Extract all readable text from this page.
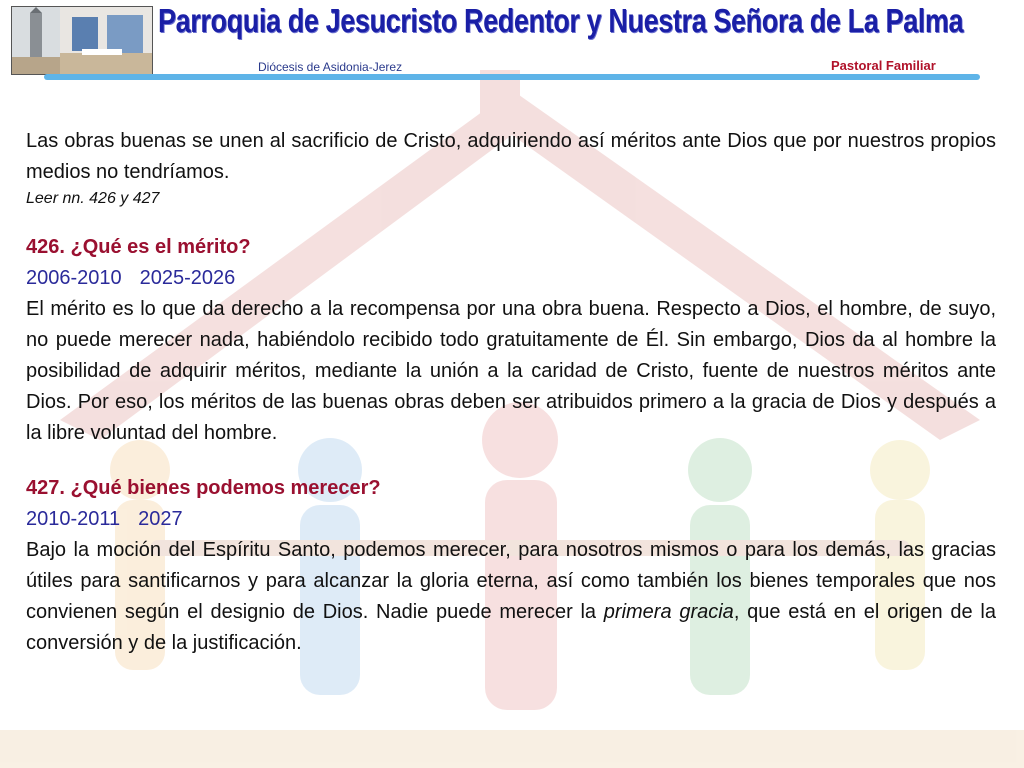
Parroquia de Jesucristo Redentor y Nuestra Señora de La Palma
Diócesis de Asidonia-Jerez	Pastoral Familiar

Las obras buenas se unen al sacrificio de Cristo, adquiriendo así méritos ante Dios que por nuestros propios medios no tendríamos.

Leer nn. 426 y 427

426. ¿Qué es el mérito?

2006-2010 2025-2026

El mérito es lo que da derecho a la recompensa por una obra buena. Respecto a Dios, el hombre, de suyo, no puede merecer nada, habiéndolo recibido todo gratuitamente de Él. Sin embargo, Dios da al hombre la posibilidad de adquirir méritos, mediante la unión a la caridad de Cristo, fuente de nuestros méritos ante Dios. Por eso, los méritos de las buenas obras deben ser atribuidos primero a la gracia de Dios y después a la libre voluntad del hombre.

427. ¿Qué bienes podemos merecer?

2010-2011 2027

Bajo la moción del Espíritu Santo, podemos merecer, para nosotros mismos o para los demás, las gracias útiles para santificarnos y para alcanzar la gloria eterna, así como también los bienes temporales que nos convienen según el designio de Dios. Nadie puede merecer la primera gracia, que está en el origen de la conversión y de la justificación.
